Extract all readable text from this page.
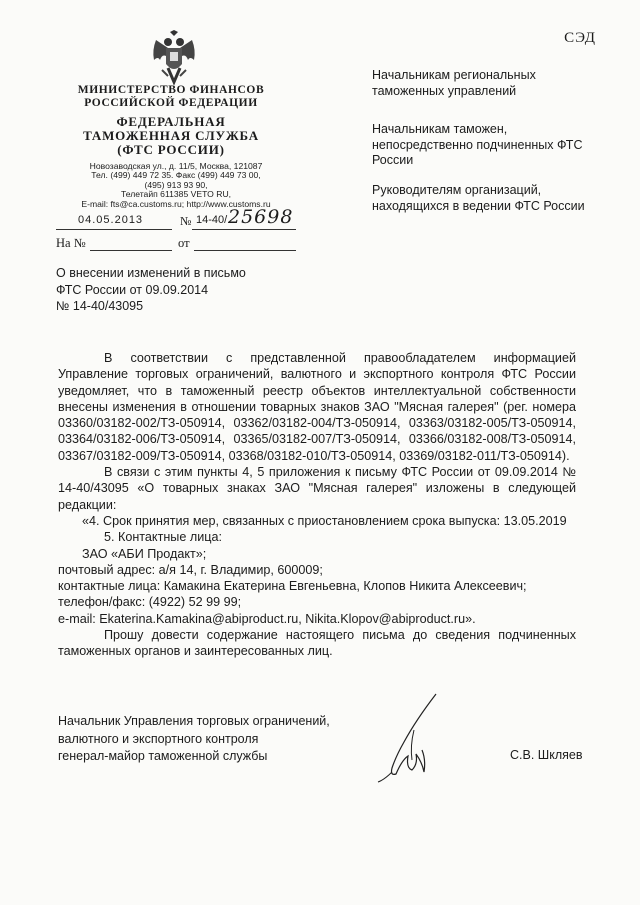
СЭД
МИНИСТЕРСТВО ФИНАНСОВ
РОССИЙСКОЙ ФЕДЕРАЦИИ
ФЕДЕРАЛЬНАЯ
ТАМОЖЕННАЯ СЛУЖБА
(ФТС РОССИИ)
Новозаводская ул., д. 11/5, Москва, 121087
Тел. (499) 449 72 35. Факс (499) 449 73 00,
(495) 913 93 90,
Телетайп 611385 VETO RU,
E-mail: fts@ca.customs.ru; http://www.customs.ru
04.05.2013	№ 14-40/ 25698
На №	от
Начальникам региональных таможенных управлений
Начальникам таможен, непосредственно подчиненных ФТС России
Руководителям организаций, находящихся в ведении ФТС России
О внесении изменений в письмо
ФТС России от 09.09.2014
№ 14-40/43095

В соответствии с представленной правообладателем информацией Управление торговых ограничений, валютного и экспортного контроля ФТС России уведомляет, что в таможенный реестр объектов интеллектуальной собственности внесены изменения в отношении товарных знаков ЗАО "Мясная галерея" (рег. номера 03360/03182-002/ТЗ-050914, 03362/03182-004/ТЗ-050914, 03363/03182-005/ТЗ-050914, 03364/03182-006/ТЗ-050914, 03365/03182-007/ТЗ-050914, 03366/03182-008/ТЗ-050914, 03367/03182-009/ТЗ-050914, 03368/03182-010/ТЗ-050914, 03369/03182-011/ТЗ-050914).

В связи с этим пункты 4, 5 приложения к письму ФТС России от 09.09.2014 № 14-40/43095 «О товарных знаках ЗАО "Мясная галерея" изложены в следующей редакции:

«4. Срок принятия мер, связанных с приостановлением срока выпуска: 13.05.2019

5. Контактные лица:

ЗАО «АБИ Продакт»;

почтовый адрес: а/я 14, г. Владимир, 600009;

контактные лица: Камакина Екатерина Евгеньевна, Клопов Никита Алексеевич;

телефон/факс: (4922) 52 99 99;

e-mail: Ekaterina.Kamakina@abiproduct.ru, Nikita.Klopov@abiproduct.ru».

Прошу довести содержание настоящего письма до сведения подчиненных таможенных органов и заинтересованных лиц.

Начальник Управления торговых ограничений,
валютного и экспортного контроля
генерал-майор таможенной службы	С.В. Шкляев
